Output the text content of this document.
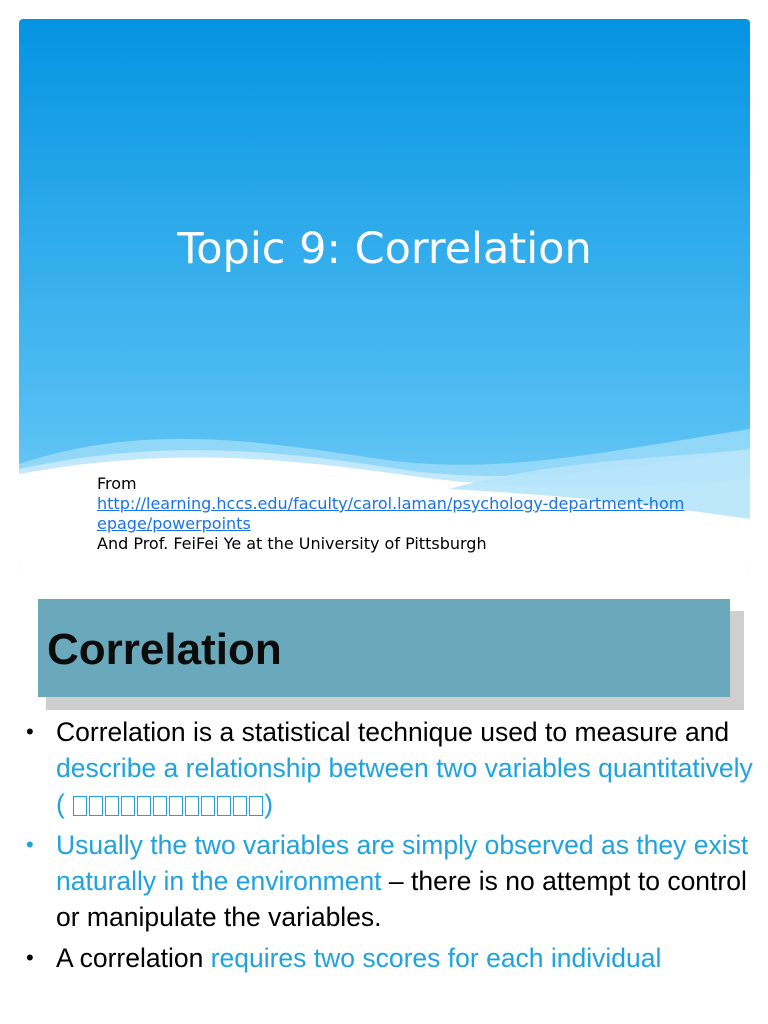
Topic 9: Correlation
From
http://learning.hccs.edu/faculty/carol.laman/psychology-department-homepage/powerpoints
And Prof. FeiFei Ye at the University of Pittsburgh
Correlation
• Correlation is a statistical technique used to measure and describe a relationship between two variables quantitatively (	)
• Usually the two variables are simply observed as they exist naturally in the environment – there is no attempt to control or manipulate the variables.
• A correlation requires two scores for each individual
